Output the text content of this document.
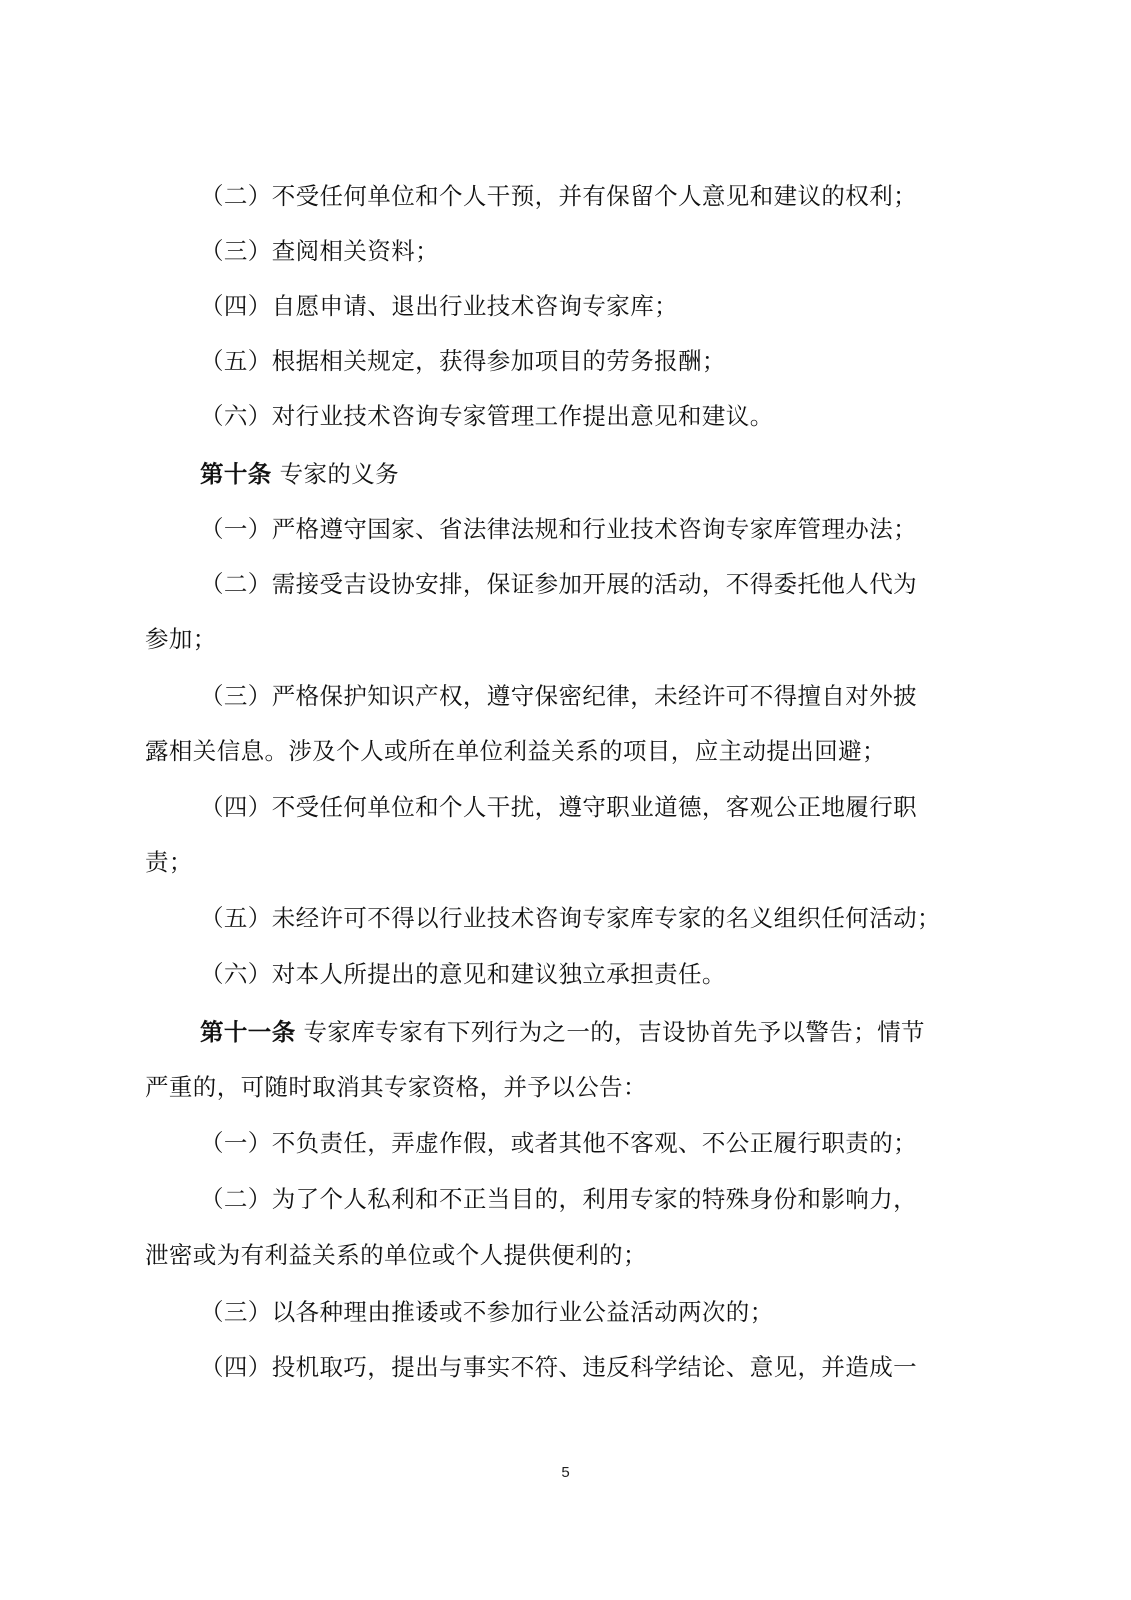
（二）不受任何单位和个人干预，并有保留个人意见和建议的权利；
（三）查阅相关资料；
（四）自愿申请、退出行业技术咨询专家库；
（五）根据相关规定，获得参加项目的劳务报酬；
（六）对行业技术咨询专家管理工作提出意见和建议。
第十条 专家的义务
（一）严格遵守国家、省法律法规和行业技术咨询专家库管理办法；
（二）需接受吉设协安排，保证参加开展的活动，不得委托他人代为
参加；
（三）严格保护知识产权，遵守保密纪律，未经许可不得擅自对外披
露相关信息。涉及个人或所在单位利益关系的项目，应主动提出回避；
（四）不受任何单位和个人干扰，遵守职业道德，客观公正地履行职
责；
（五）未经许可不得以行业技术咨询专家库专家的名义组织任何活动；
（六）对本人所提出的意见和建议独立承担责任。
第十一条 专家库专家有下列行为之一的，吉设协首先予以警告；情节
严重的，可随时取消其专家资格，并予以公告：
（一）不负责任，弄虚作假，或者其他不客观、不公正履行职责的；
（二）为了个人私利和不正当目的，利用专家的特殊身份和影响力，
泄密或为有利益关系的单位或个人提供便利的；
（三）以各种理由推诿或不参加行业公益活动两次的；
（四）投机取巧，提出与事实不符、违反科学结论、意见，并造成一
5
